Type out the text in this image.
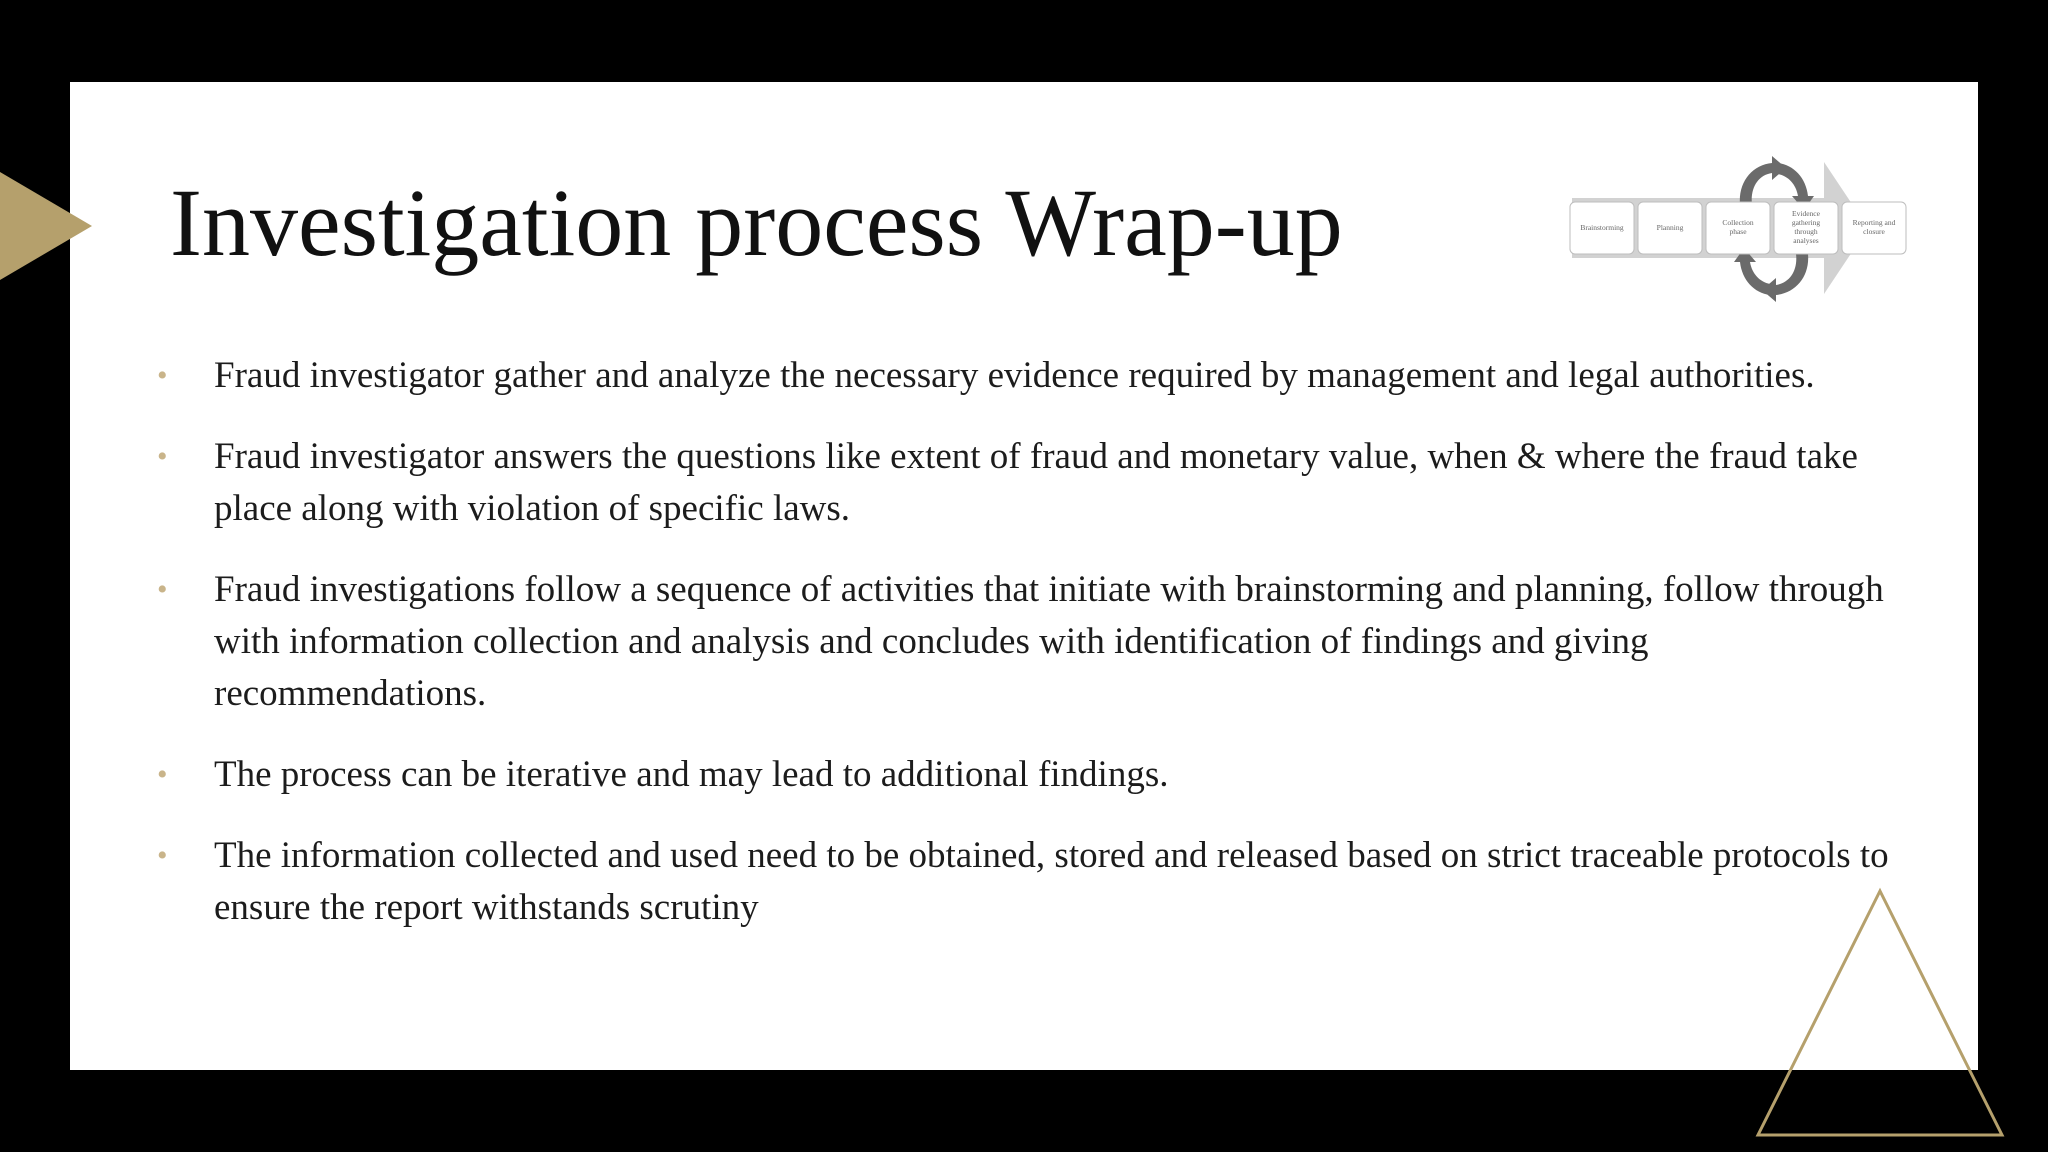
Investigation process Wrap-up	Brainstorming	Planning
Collection
phase
Evidence
gathering
through
analyses
Reporting and
closure
• Fraud investigator gather and analyze the necessary evidence required by management and legal authorities.
• Fraud investigator answers the questions like extent of fraud and monetary value, when & where the fraud take place along with violation of specific laws.
• Fraud investigations follow a sequence of activities that initiate with brainstorming and planning, follow through with information collection and analysis and concludes with identification of findings and giving recommendations.
• The process can be iterative and may lead to additional findings.
• The information collected and used need to be obtained, stored and released based on strict traceable protocols to ensure the report withstands scrutiny
